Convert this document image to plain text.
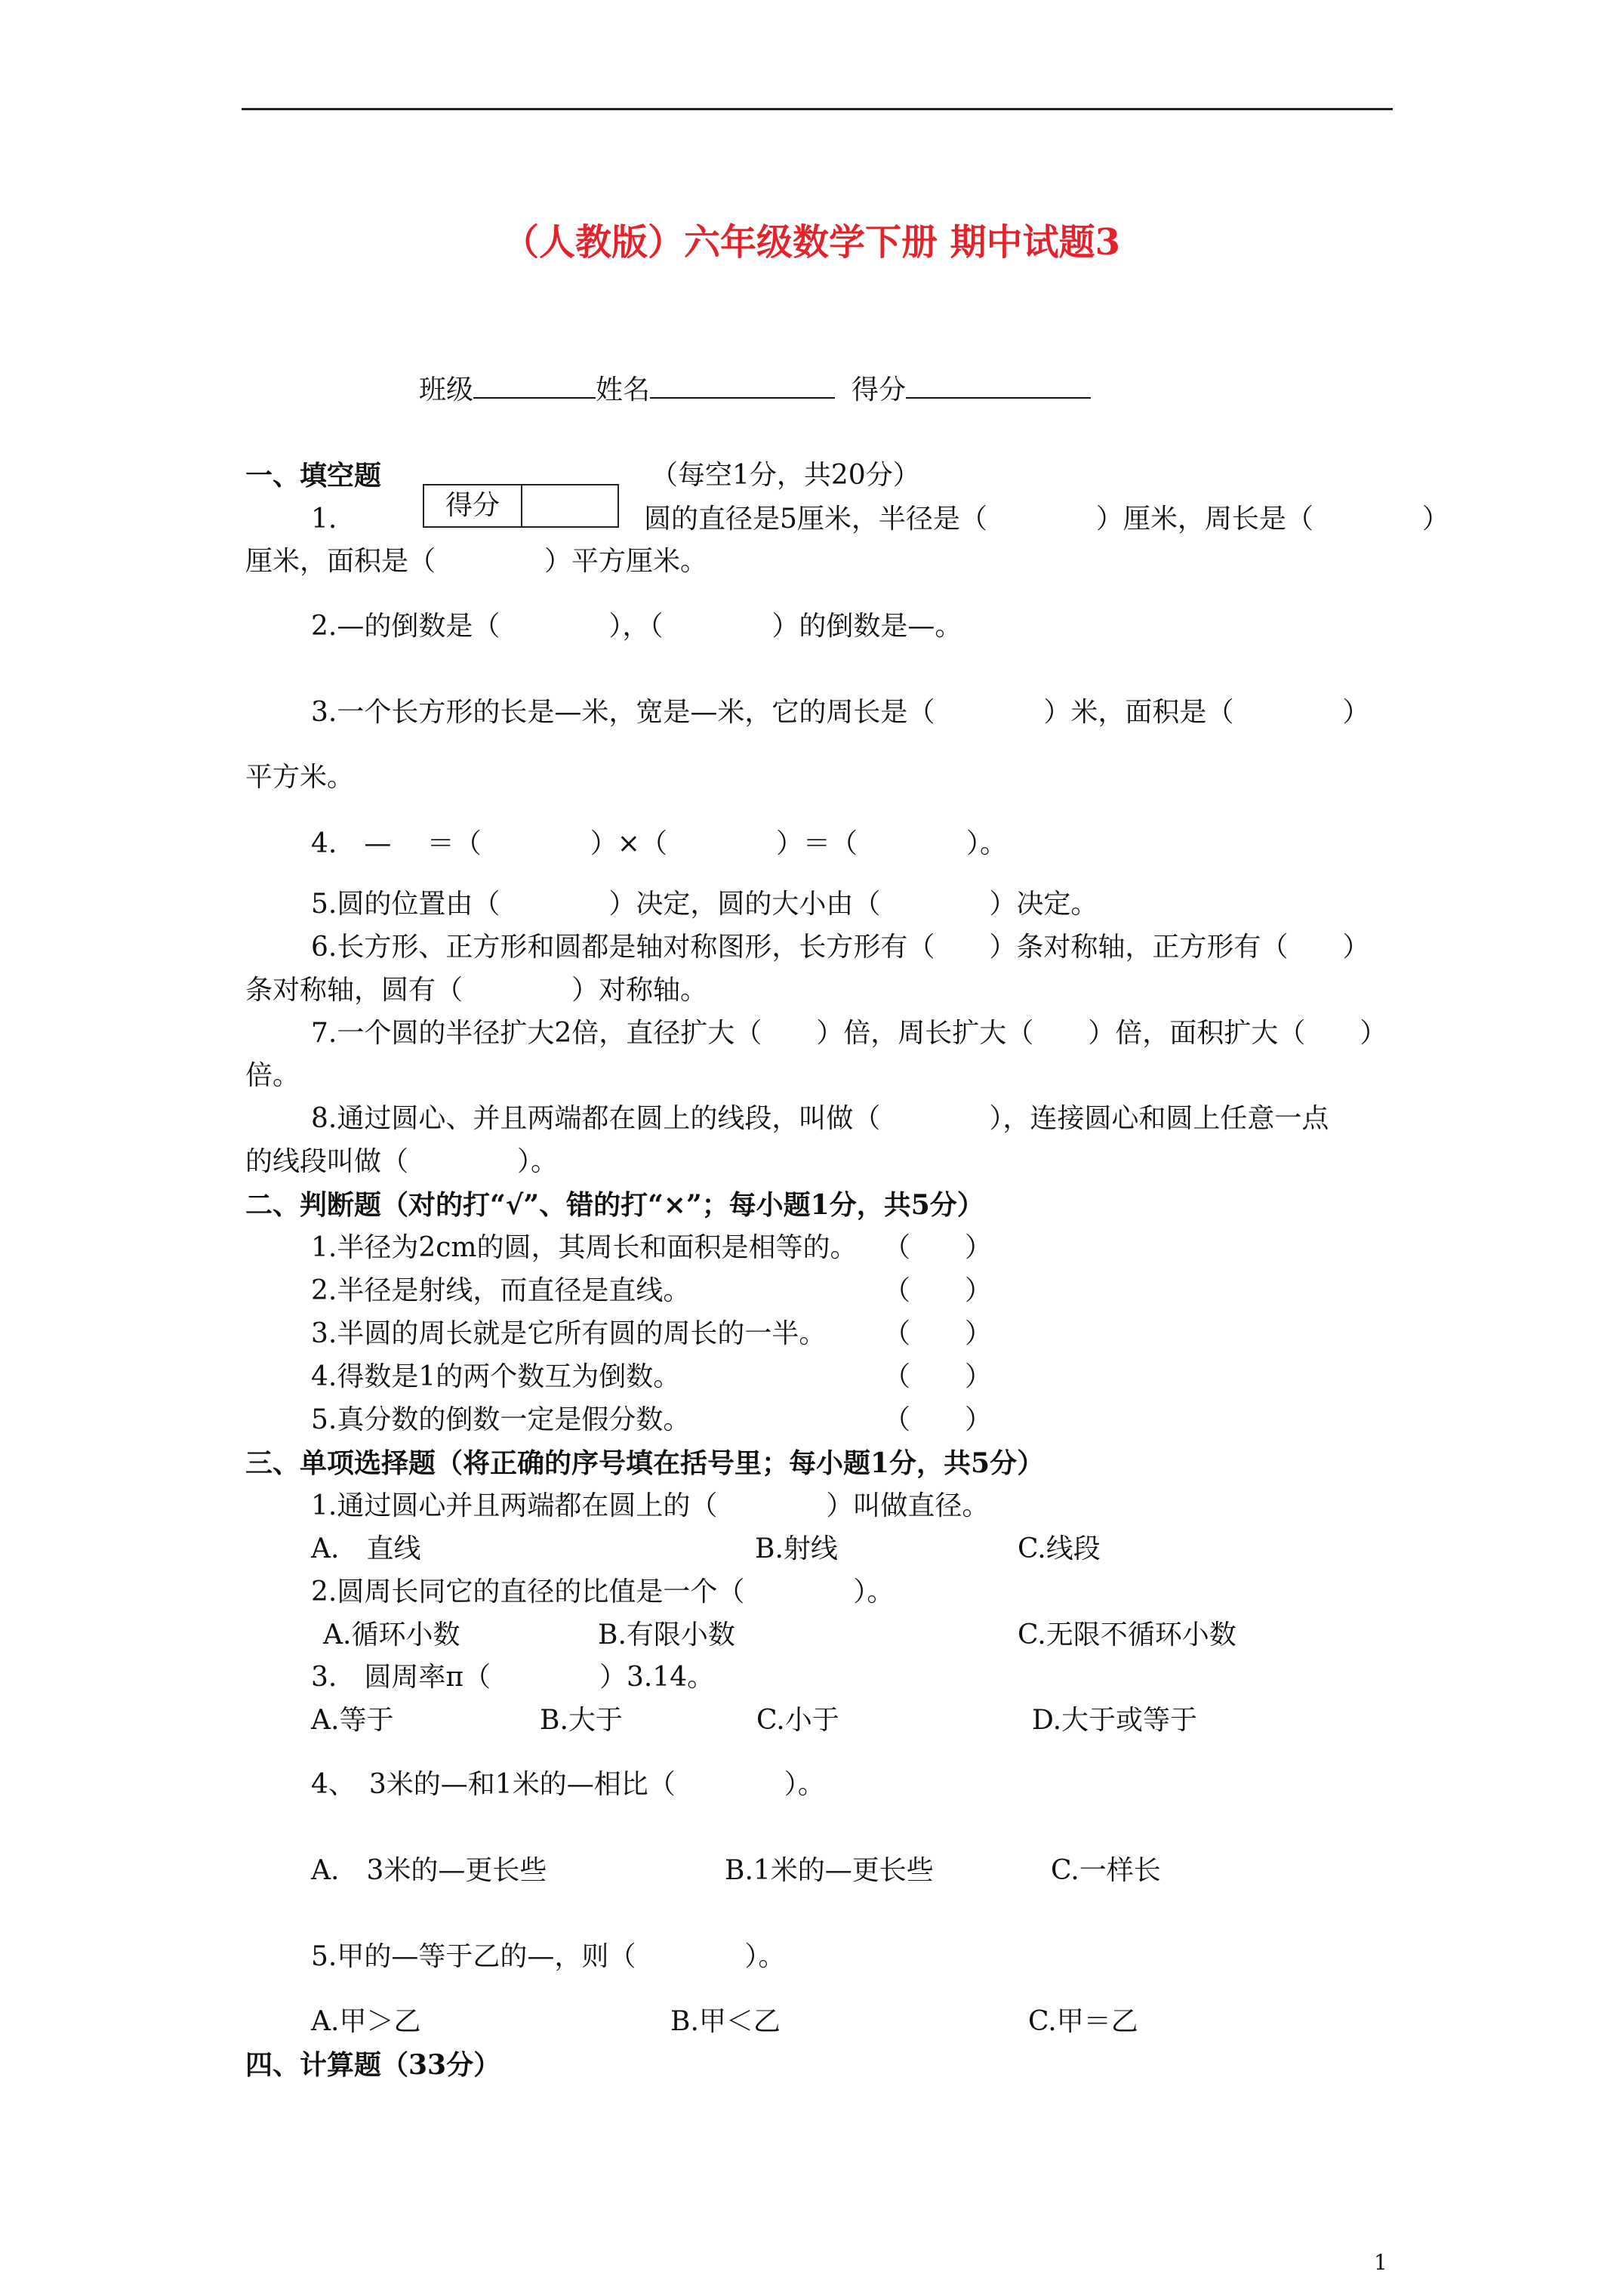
（人教版）六年级数学下册 期中试题3
班级	姓名	得分
一、填空题
得分
（每空1分，共20分）
1.	圆的直径是5厘米，半径是（　　　　）厘米，周长是（　　　　）
厘米，面积是（　　　　）平方厘米。
2.—的倒数是（　　　　），（　　　　）的倒数是—。
3.一个长方形的长是—米，宽是—米，它的周长是（　　　　）米，面积是（　　　　）
平方米。
4.　—　 ＝（　　　　）×（　　　　）＝（　　　　）。
5.圆的位置由（　　　　）决定，圆的大小由（　　　　）决定。
6.长方形、正方形和圆都是轴对称图形，长方形有（　　）条对称轴，正方形有（　　）
条对称轴，圆有（　　　　）对称轴。
7.一个圆的半径扩大2倍，直径扩大（　　）倍，周长扩大（　　）倍，面积扩大（　　）
倍。
8.通过圆心、并且两端都在圆上的线段，叫做（　　　　），连接圆心和圆上任意一点
的线段叫做（　　　　）。
二、判断题（对的打“√”、错的打“×”；每小题1分，共5分）
1.半径为2cm的圆，其周长和面积是相等的。 （　　）
2.半径是射线，而直径是直线。	（　　）
3.半圆的周长就是它所有圆的周长的一半。 （　　）
4.得数是1的两个数互为倒数。	（　　）
5.真分数的倒数一定是假分数。	（　　）
三、单项选择题（将正确的序号填在括号里；每小题1分，共5分）
1.通过圆心并且两端都在圆上的（　　　　）叫做直径。
A.　直线	B.射线	C.线段
2.圆周长同它的直径的比值是一个（　　　　）。
A.循环小数	B.有限小数	C.无限不循环小数
3.　圆周率π（　　　　）3.14。
A.等于	B.大于	C.小于	D.大于或等于
4、　3米的—和1米的—相比（　　　　）。
A.　3米的—更长些	B.1米的—更长些	C.一样长
5.甲的—等于乙的—，则（　　　　）。
A.甲＞乙	B.甲＜乙	C.甲＝乙
四、计算题（33分）
1
